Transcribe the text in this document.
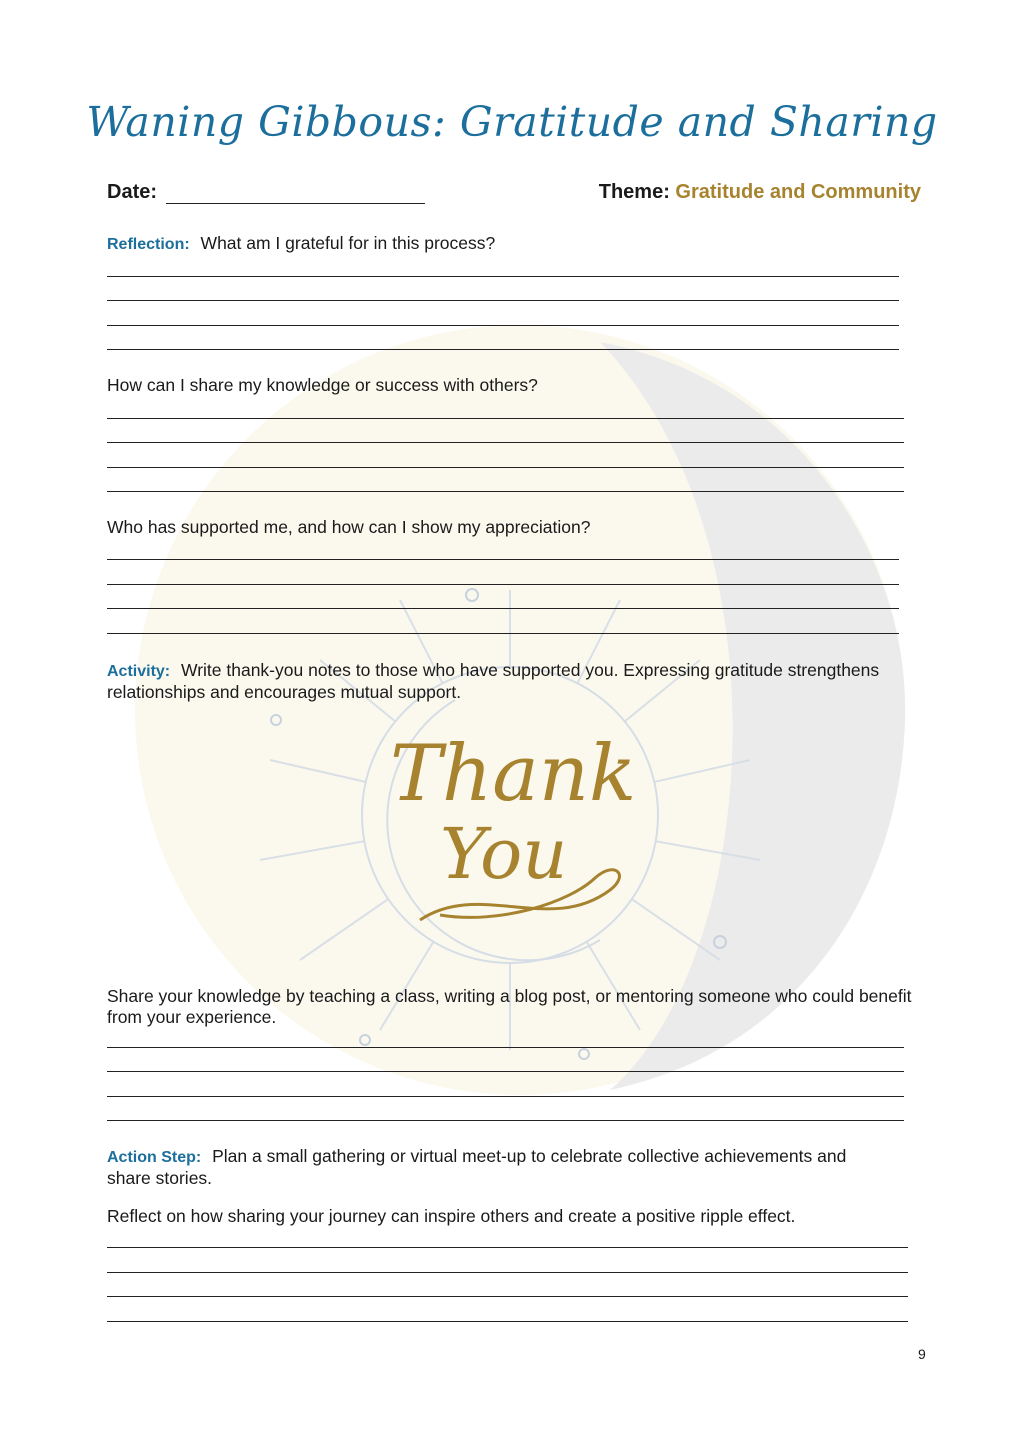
Waning Gibbous: Gratitude and Sharing
Date:	Theme: Gratitude and Community
Reflection: What am I grateful for in this process?
How can I share my knowledge or success with others?
Who has supported me, and how can I show my appreciation?
Activity: Write thank-you notes to those who have supported you. Expressing gratitude strengthens relationships and encourages mutual support.
Thank
You
Share your knowledge by teaching a class, writing a blog post, or mentoring someone who could benefit from your experience.
Action Step: Plan a small gathering or virtual meet-up to celebrate collective achievements and share stories.
Reflect on how sharing your journey can inspire others and create a positive ripple effect.
9
